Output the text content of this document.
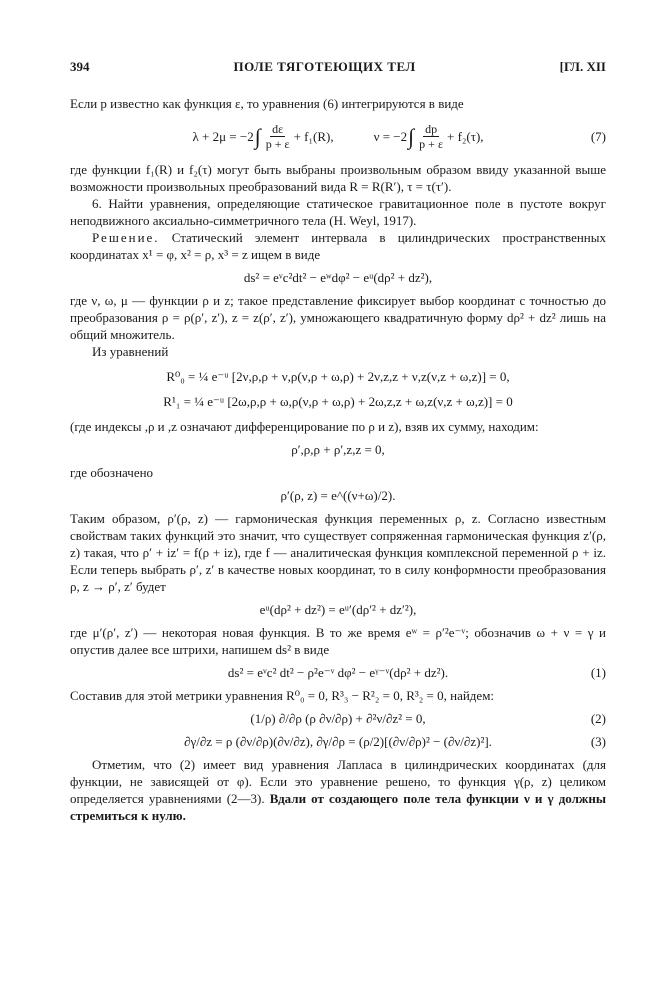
394	ПОЛЕ ТЯГОТЕЮЩИХ ТЕЛ	[ГЛ. XII

Если p известно как функция ε, то уравнения (6) интегрируются в виде

λ + 2μ = −2 ∫ $\frac{d\varepsilon}{p + \varepsilon} + f_1(R)$,	ν = −2 ∫ $\frac{dp}{p + \varepsilon} + f_2(\tau)$,	(7)

где функции f₁(R) и f₂(τ) могут быть выбраны произвольным образом ввиду указанной выше возможности произвольных преобразований вида R = R(R′), τ = τ(τ′).

6. Найти уравнения, определяющие статическое гравитационное поле в пустоте вокруг неподвижного аксиально-симметричного тела (H. Weyl, 1917).

Решение. Статический элемент интервала в цилиндрических пространственных координатах x¹ = φ, x² = ρ, x³ = z ищем в виде

ds² = eᵛc²dt² − eʷdφ² − eᵘ(dρ² + dz²),

где ν, ω, μ — функции ρ и z; такое представление фиксирует выбор координат с точностью до преобразования ρ = ρ(ρ′, z′), z = z(ρ′, z′), умножающего квадратичную форму dρ² + dz² лишь на общий множитель.

Из уравнений

R⁰₀ = ¼ e⁻ᵘ [2ν,ρ,ρ + ν,ρ(ν,ρ + ω,ρ) + 2ν,z,z + ν,z(ν,z + ω,z)] = 0,
R¹₁ = ¼ e⁻ᵘ [2ω,ρ,ρ + ω,ρ(ν,ρ + ω,ρ) + 2ω,z,z + ω,z(ν,z + ω,z)] = 0

(где индексы ,ρ и ,z означают дифференцирование по ρ и z), взяв их сумму, находим:

ρ′,ρ,ρ + ρ′,z,z = 0,

где обозначено

ρ′(ρ, z) = e^((ν+ω)/2).

Таким образом, ρ′(ρ, z) — гармоническая функция переменных ρ, z. Согласно известным свойствам таких функций это значит, что существует сопряженная гармоническая функция z′(ρ, z) такая, что ρ′ + iz′ = f(ρ + iz), где f — аналитическая функция комплексной переменной ρ + iz. Если теперь выбрать ρ′, z′ в качестве новых координат, то в силу конформности преобразования ρ, z → ρ′, z′ будет

eᵘ(dρ² + dz²) = eᵘ′(dρ′² + dz′²),

где μ′(ρ′, z′) — некоторая новая функция. В то же время eʷ = ρ′²e⁻ᵛ; обозначив ω + ν = γ и опустив далее все штрихи, напишем ds² в виде

ds² = eᵛc² dt² − ρ²e⁻ᵛ dφ² − eᵞ⁻ᵛ(dρ² + dz²).	(1)

Составив для этой метрики уравнения R⁰₀ = 0, R³₃ − R²₂ = 0, R³₂ = 0, найдем:

(1/ρ) ∂/∂ρ (ρ ∂ν/∂ρ) + ∂²ν/∂z² = 0,	(2)
∂γ/∂z = ρ (∂ν/∂ρ)(∂ν/∂z), ∂γ/∂ρ = (ρ/2)[(∂ν/∂ρ)² − (∂ν/∂z)²].	(3)

Отметим, что (2) имеет вид уравнения Лапласа в цилиндрических координатах (для функции, не зависящей от φ). Если это уравнение решено, то функция γ(ρ, z) целиком определяется уравнениями (2—3). Вдали от создающего поле тела функции ν и γ должны стремиться к нулю.
